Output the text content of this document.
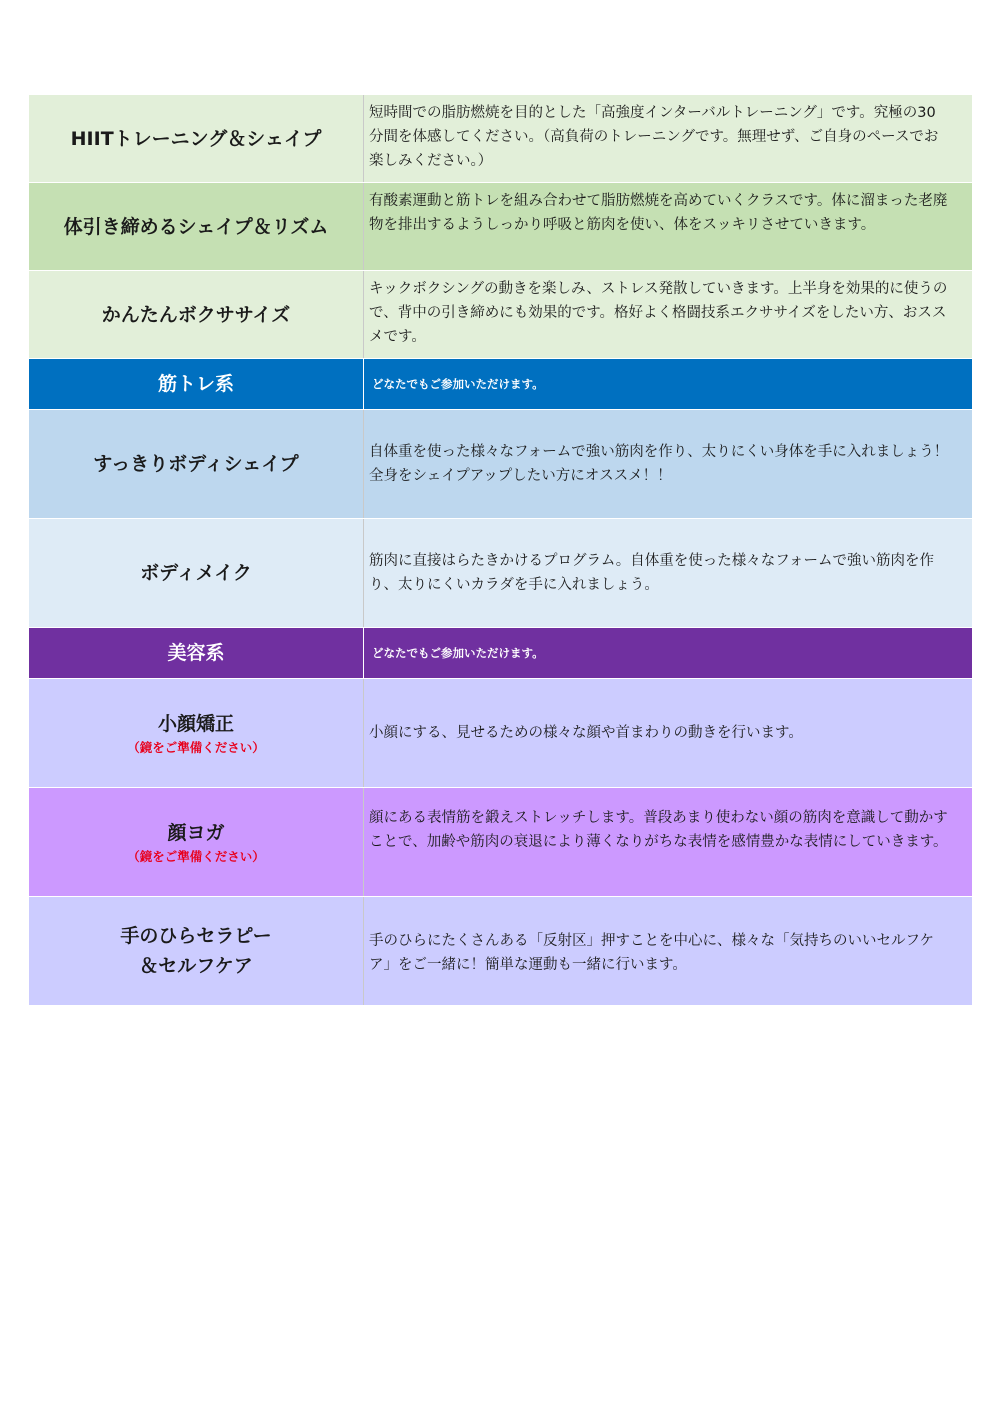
HIITトレーニング＆シェイプ
短時間での脂肪燃焼を目的とした「高強度インターバルトレーニング」です。究極の30分間を体感してください。（高負荷のトレーニングです。無理せず、ご自身のペースでお楽しみください。）
体引き締めるシェイプ＆リズム
有酸素運動と筋トレを組み合わせて脂肪燃焼を高めていくクラスです。体に溜まった老廃物を排出するようしっかり呼吸と筋肉を使い、体をスッキリさせていきます。
かんたんボクササイズ
キックボクシングの動きを楽しみ、ストレス発散していきます。上半身を効果的に使うので、背中の引き締めにも効果的です。格好よく格闘技系エクササイズをしたい方、おススメです。
筋トレ系	どなたでもご参加いただけます。
すっきりボディシェイプ
自体重を使った様々なフォームで強い筋肉を作り、太りにくい身体を手に入れましょう！全身をシェイプアップしたい方にオススメ！！
ボディメイク
筋肉に直接はらたきかけるプログラム。自体重を使った様々なフォームで強い筋肉を作り、太りにくいカラダを手に入れましょう。
美容系	どなたでもご参加いただけます。
小顔矯正
（鏡をご準備ください）
小顔にする、見せるための様々な顔や首まわりの動きを行います。
顔ヨガ
（鏡をご準備ください）
顔にある表情筋を鍛えストレッチします。普段あまり使わない顔の筋肉を意識して動かすことで、加齢や筋肉の衰退により薄くなりがちな表情を感情豊かな表情にしていきます。
手のひらセラピー
＆セルフケア
手のひらにたくさんある「反射区」押すことを中心に、様々な「気持ちのいいセルフケア」をご一緒に！簡単な運動も一緒に行います。
